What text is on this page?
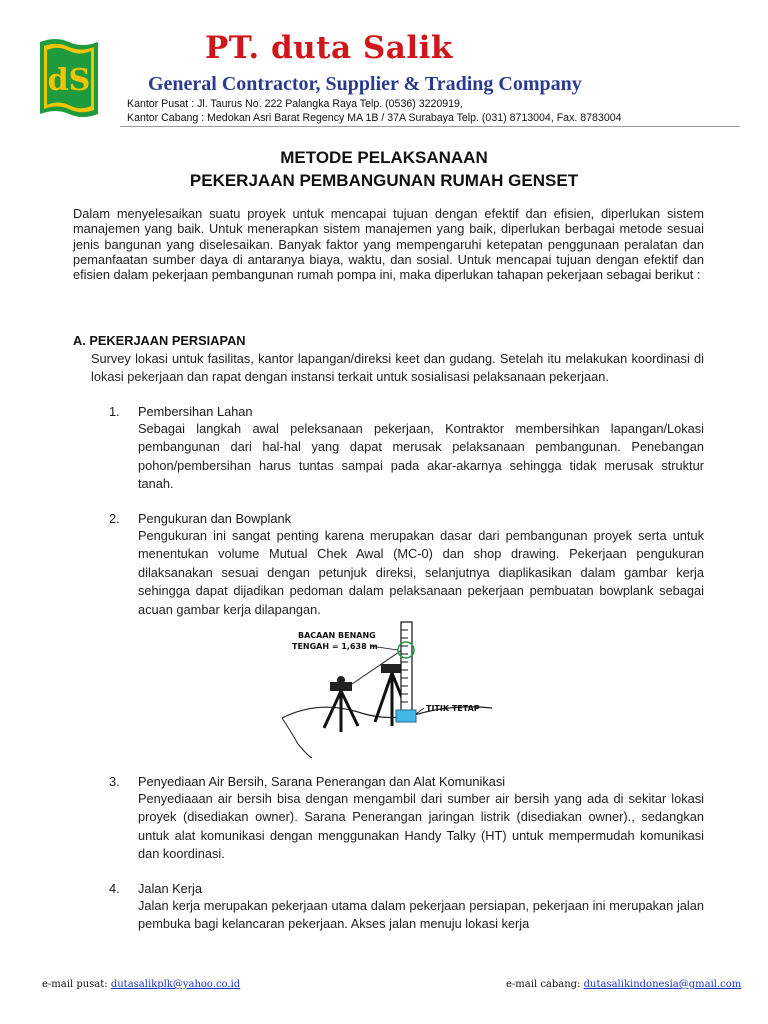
dS
PT. duta Salik
General Contractor, Supplier & Trading Company
Kantor Pusat : Jl. Taurus No. 222 Palangka Raya Telp. (0536) 3220919,
Kantor Cabang : Medokan Asri Barat Regency MA 1B / 37A Surabaya Telp. (031) 8713004, Fax. 8783004
METODE PELAKSANAAN
PEKERJAAN PEMBANGUNAN RUMAH GENSET
Dalam menyelesaikan suatu proyek untuk mencapai tujuan dengan efektif dan efisien, diperlukan sistem manajemen yang baik. Untuk menerapkan sistem manajemen yang baik, diperlukan berbagai metode sesuai jenis bangunan yang diselesaikan. Banyak faktor yang mempengaruhi ketepatan penggunaan peralatan dan pemanfaatan sumber daya di antaranya biaya, waktu, dan sosial. Untuk mencapai tujuan dengan efektif dan efisien dalam pekerjaan pembangunan rumah pompa ini, maka diperlukan tahapan pekerjaan sebagai berikut :
A. PEKERJAAN PERSIAPAN
Survey lokasi untuk fasilitas, kantor lapangan/direksi keet dan gudang. Setelah itu melakukan koordinasi di lokasi pekerjaan dan rapat dengan instansi terkait untuk sosialisasi pelaksanaan pekerjaan.
1. Pembersihan Lahan
Sebagai langkah awal peleksanaan pekerjaan, Kontraktor membersihkan lapangan/Lokasi pembangunan dari hal-hal yang dapat merusak pelaksanaan pembangunan. Penebangan pohon/pembersihan harus tuntas sampai pada akar-akarnya sehingga tidak merusak struktur tanah.
2. Pengukuran dan Bowplank
Pengukuran ini sangat penting karena merupakan dasar dari pembangunan proyek serta untuk menentukan volume Mutual Chek Awal (MC-0) dan shop drawing. Pekerjaan pengukuran dilaksanakan sesuai dengan petunjuk direksi, selanjutnya diaplikasikan dalam gambar kerja sehingga dapat dijadikan pedoman dalam pelaksanaan pekerjaan pembuatan bowplank sebagai acuan gambar kerja dilapangan.
BACAAN BENANG
TENGAH = 1,638 m
TITIK TETAP
3. Penyediaan Air Bersih, Sarana Penerangan dan Alat Komunikasi
Penyediaaan air bersih bisa dengan mengambil dari sumber air bersih yang ada di sekitar lokasi proyek (disediakan owner). Sarana Penerangan jaringan listrik (disediakan owner)., sedangkan untuk alat komunikasi dengan menggunakan Handy Talky (HT) untuk mempermudah komunikasi dan koordinasi.
4. Jalan Kerja
Jalan kerja merupakan pekerjaan utama dalam pekerjaan persiapan, pekerjaan ini merupakan jalan pembuka bagi kelancaran pekerjaan. Akses jalan menuju lokasi kerja
e-mail pusat: dutasalikplk@yahoo.co.id	e-mail cabang: dutasalikindonesia@gmail.com
